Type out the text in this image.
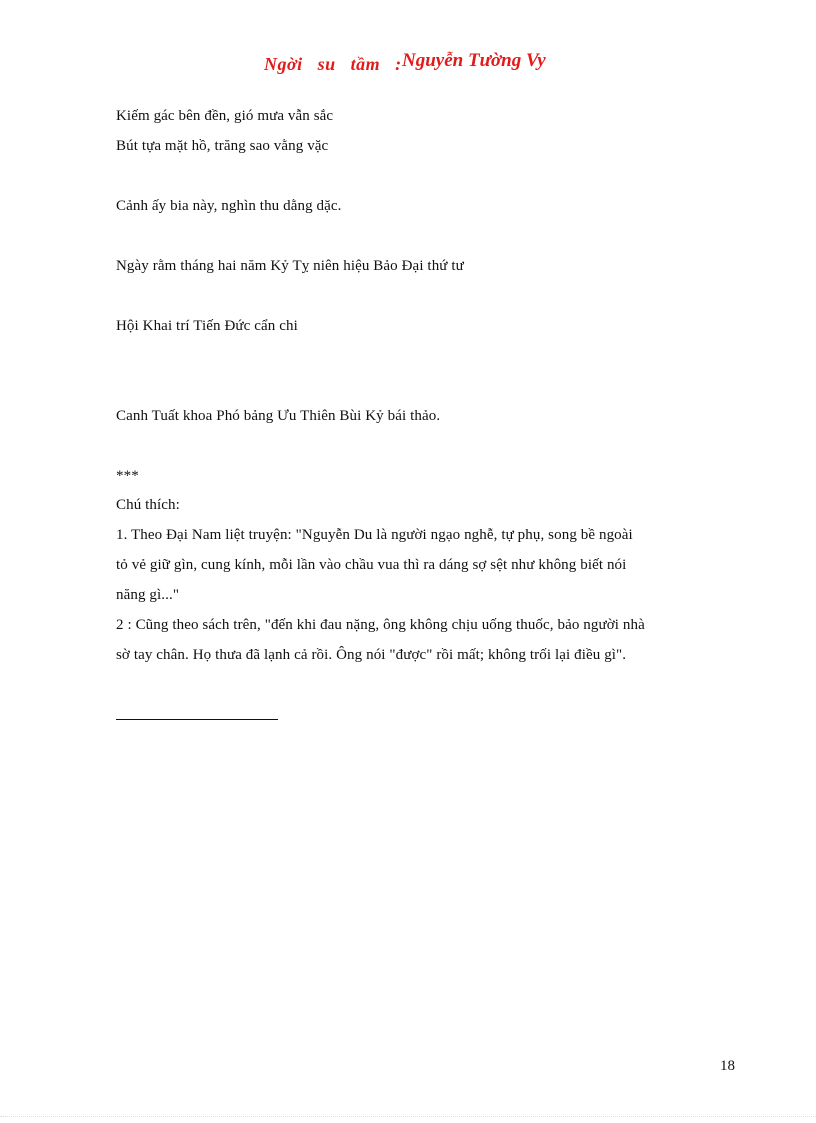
Ngời su tầm : Nguyễn Tường Vy
Kiếm gác bên đền, gió mưa vẫn sắc
Bút tựa mặt hồ, trăng sao vằng vặc
Cảnh ấy bia này, nghìn thu dằng dặc.
Ngày rằm tháng hai năm Kỷ Tỵ niên hiệu Bảo Đại thứ tư
Hội Khai trí Tiến Đức cẩn chi
Canh Tuất khoa Phó bảng Ưu Thiên Bùi Kỷ bái thảo.
***
Chú thích:
1. Theo Đại Nam liệt truyện: "Nguyễn Du là người ngạo nghễ, tự phụ, song bề ngoài
tỏ vẻ giữ gìn, cung kính, mỗi lần vào chầu vua thì ra dáng sợ sệt như không biết nói
năng gì..."
2 : Cũng theo sách trên, "đến khi đau nặng, ông không chịu uống thuốc, bảo người nhà
sờ tay chân. Họ thưa đã lạnh cả rồi. Ông nói "được" rồi mất; không trối lại điều gì".
18
